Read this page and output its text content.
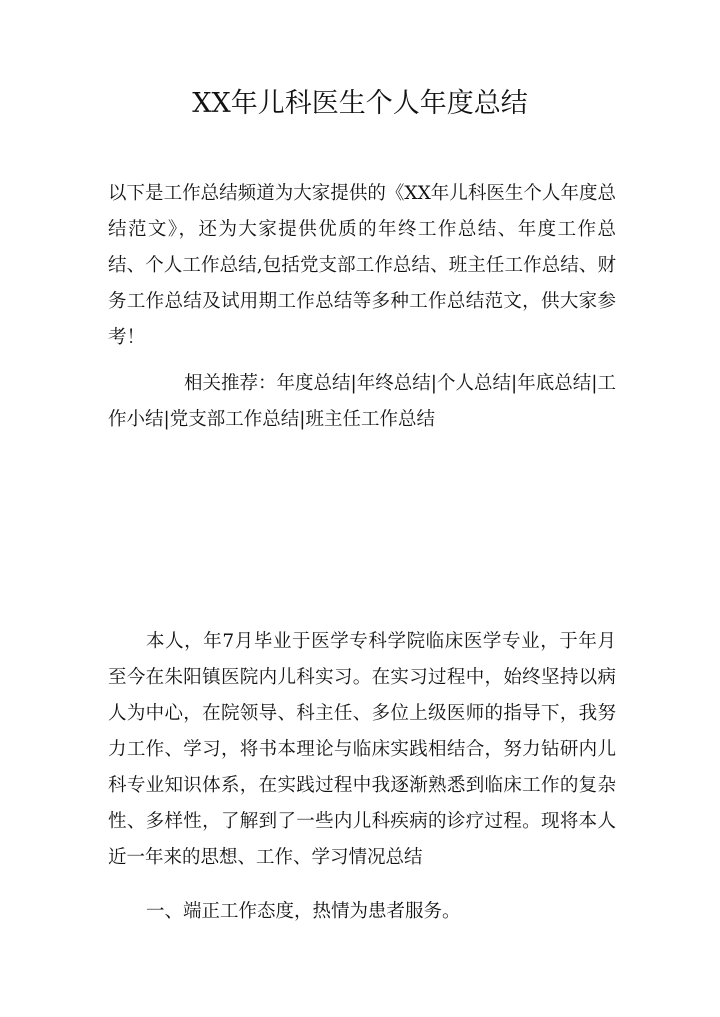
XX年儿科医生个人年度总结

以下是工作总结频道为大家提供的《XX年儿科医生个人年度总结范文》，还为大家提供优质的年终工作总结、年度工作总结、个人工作总结,包括党支部工作总结、班主任工作总结、财务工作总结及试用期工作总结等多种工作总结范文，供大家参考！

相关推荐：年度总结|年终总结|个人总结|年底总结|工作小结|党支部工作总结|班主任工作总结

本人，年7月毕业于医学专科学院临床医学专业，于年月至今在朱阳镇医院内儿科实习。在实习过程中，始终坚持以病人为中心，在院领导、科主任、多位上级医师的指导下，我努力工作、学习，将书本理论与临床实践相结合，努力钻研内儿科专业知识体系，在实践过程中我逐渐熟悉到临床工作的复杂性、多样性，了解到了一些内儿科疾病的诊疗过程。现将本人近一年来的思想、工作、学习情况总结

一、端正工作态度，热情为患者服务。
